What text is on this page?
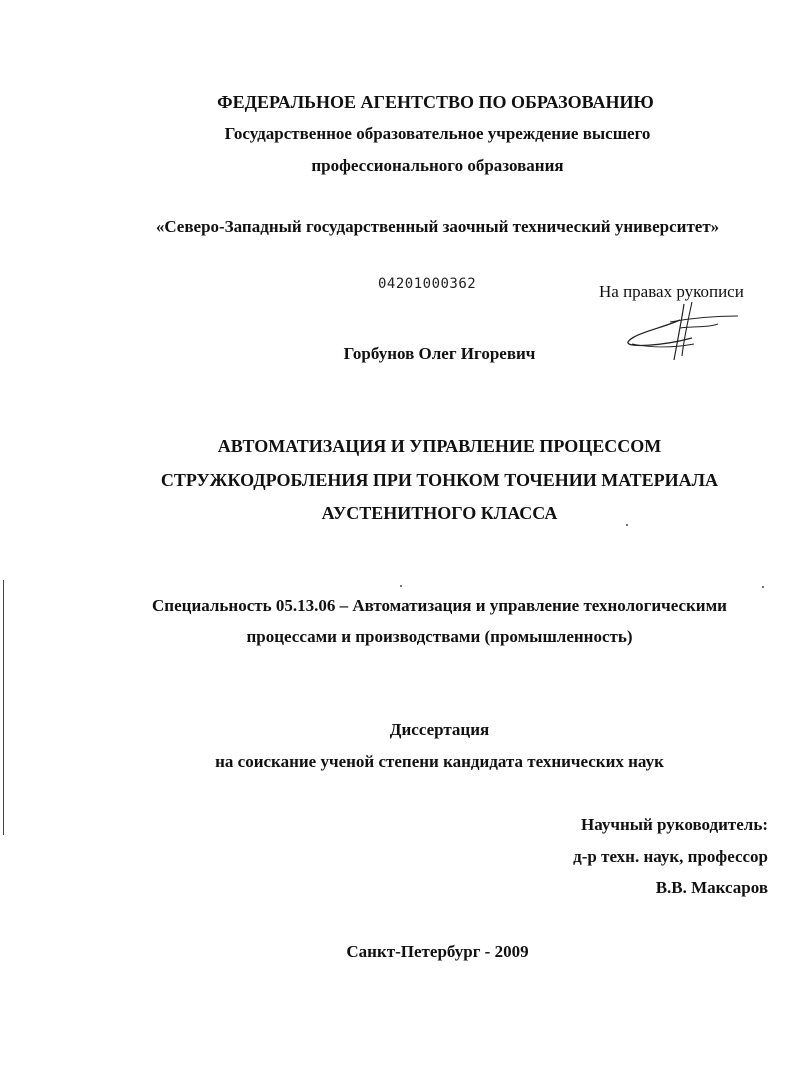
ФЕДЕРАЛЬНОЕ АГЕНТСТВО ПО ОБРАЗОВАНИЮ
Государственное образовательное учреждение высшего
профессионального образования
«Северо-Западный государственный заочный технический университет»
04201000362	На правах рукописи
Горбунов Олег Игоревич
АВТОМАТИЗАЦИЯ И УПРАВЛЕНИЕ ПРОЦЕССОМ
СТРУЖКОДРОБЛЕНИЯ ПРИ ТОНКОМ ТОЧЕНИИ МАТЕРИАЛА
АУСТЕНИТНОГО КЛАССА
Специальность 05.13.06 – Автоматизация и управление технологическими
процессами и производствами (промышленность)
Диссертация
на соискание ученой степени кандидата технических наук
Научный руководитель:
д-р техн. наук, профессор
В.В. Максаров
Санкт-Петербург - 2009
